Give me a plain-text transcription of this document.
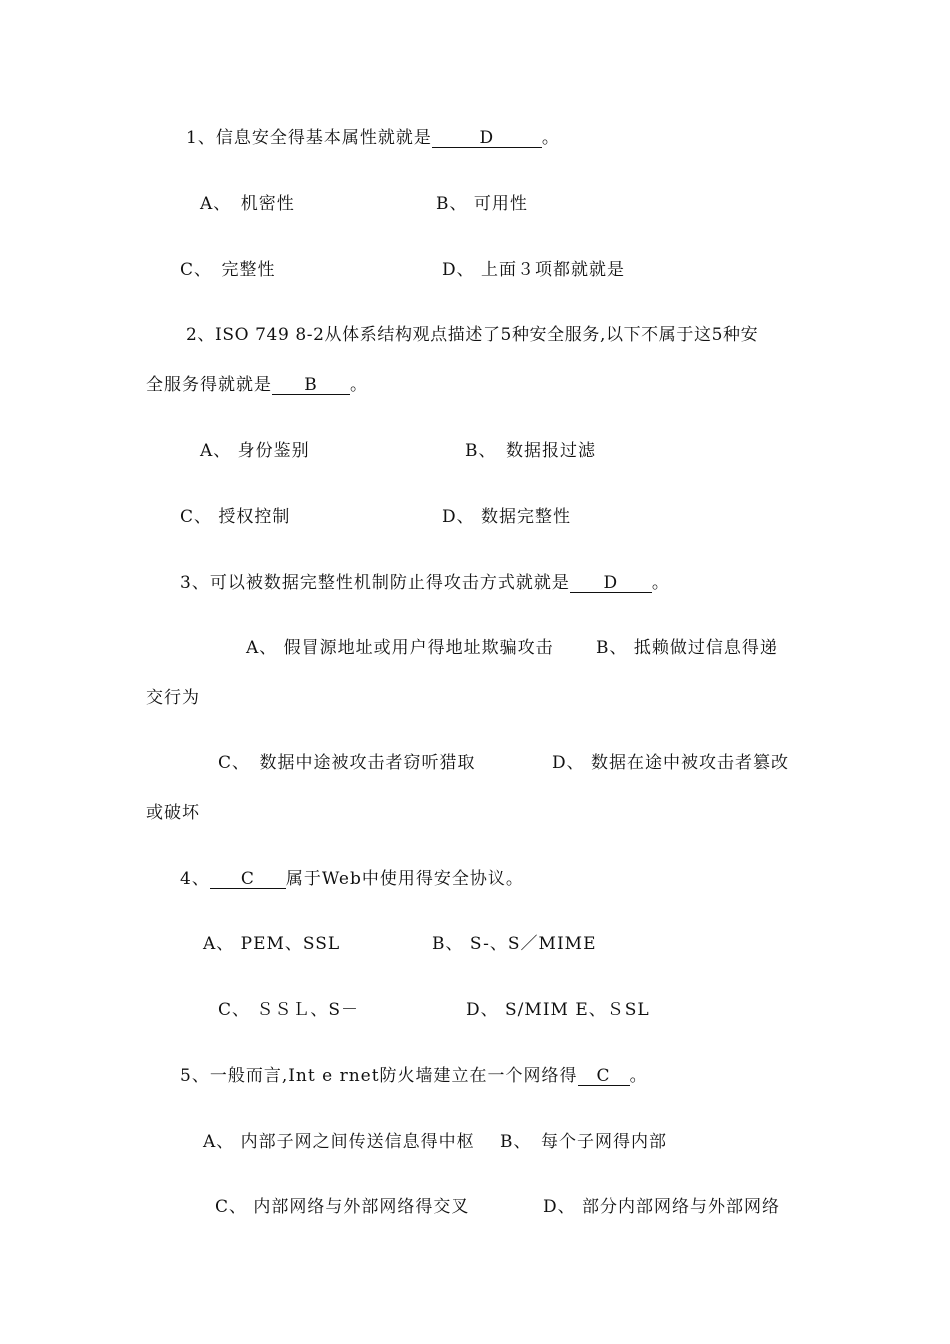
1、信息安全得基本属性就就是	D	。
A、　机密性	B、 可用性
C、　完整性	D、 上面３项都就就是
2、ISO 749 8-2从体系结构观点描述了5种安全服务,以下不属于这5种安
全服务得就就是 B 。
A、 身份鉴别	B、　数据报过滤
C、 授权控制	D、 数据完整性
3、可以被数据完整性机制防止得攻击方式就就是 D 。
A、 假冒源地址或用户得地址欺骗攻击 B、 抵赖做过信息得递
交行为
C、　数据中途被攻击者窃听猎取	D、 数据在途中被攻击者篡改
或破坏
4、 C 属于Web中使用得安全协议。
A、 PEM、SSL	B、 S-、S／MIME
C、 ＳＳＬ、S－	D、 S/MIM E、ＳSL
5、一般而言,Int e rnet防火墙建立在一个网络得 C 。
A、 内部子网之间传送信息得中枢 B、　每个子网得内部
C、 内部网络与外部网络得交叉	D、 部分内部网络与外部网络
